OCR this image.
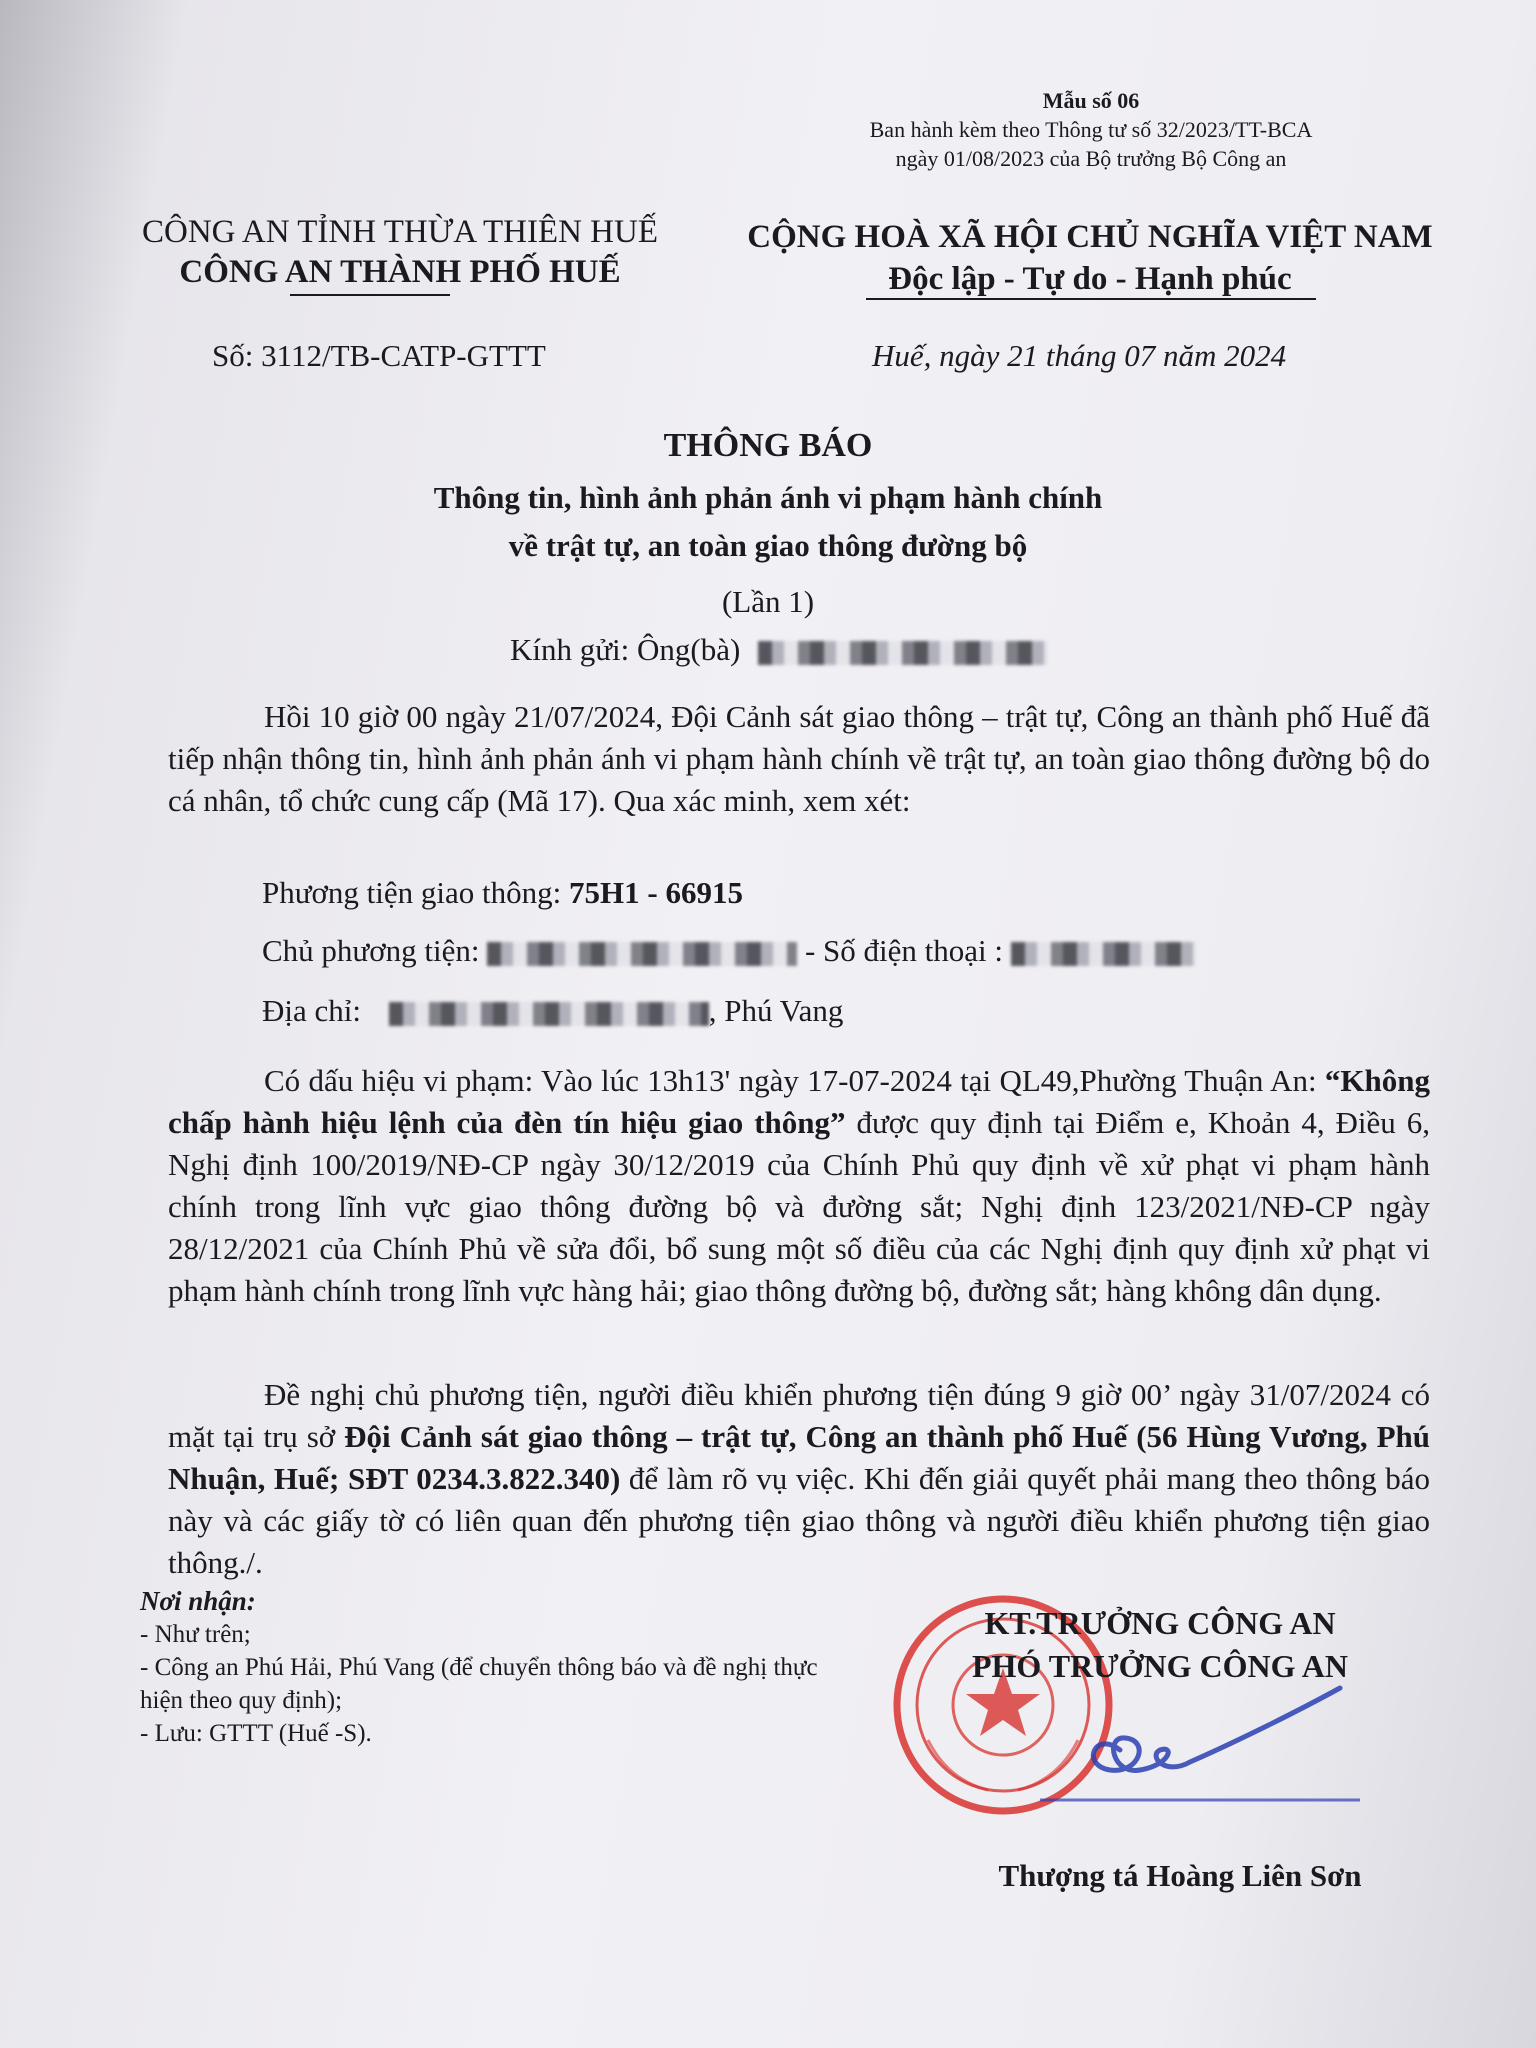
Mẫu số 06
Ban hành kèm theo Thông tư số 32/2023/TT-BCA
ngày 01/08/2023 của Bộ trưởng Bộ Công an
CÔNG AN TỈNH THỪA THIÊN HUẾ
CÔNG AN THÀNH PHỐ HUẾ
Số: 3112/TB-CATP-GTTT
CỘNG HOÀ XÃ HỘI CHỦ NGHĨA VIỆT NAM
Độc lập - Tự do - Hạnh phúc
Huế, ngày 21 tháng 07 năm 2024
THÔNG BÁO
Thông tin, hình ảnh phản ánh vi phạm hành chính
về trật tự, an toàn giao thông đường bộ
(Lần 1)
Kính gửi: Ông(bà)
Hồi 10 giờ 00 ngày 21/07/2024, Đội Cảnh sát giao thông – trật tự, Công an thành phố Huế đã tiếp nhận thông tin, hình ảnh phản ánh vi phạm hành chính về trật tự, an toàn giao thông đường bộ do cá nhân, tổ chức cung cấp (Mã 17). Qua xác minh, xem xét:
Phương tiện giao thông: 75H1 - 66915
Chủ phương tiện:	- Số điện thoại :
Địa chỉ:	, Phú Vang
Có dấu hiệu vi phạm: Vào lúc 13h13' ngày 17-07-2024 tại QL49,Phường Thuận An: “Không chấp hành hiệu lệnh của đèn tín hiệu giao thông” được quy định tại Điểm e, Khoản 4, Điều 6, Nghị định 100/2019/NĐ-CP ngày 30/12/2019 của Chính Phủ quy định về xử phạt vi phạm hành chính trong lĩnh vực giao thông đường bộ và đường sắt; Nghị định 123/2021/NĐ-CP ngày 28/12/2021 của Chính Phủ về sửa đổi, bổ sung một số điều của các Nghị định quy định xử phạt vi phạm hành chính trong lĩnh vực hàng hải; giao thông đường bộ, đường sắt; hàng không dân dụng.
Đề nghị chủ phương tiện, người điều khiển phương tiện đúng 9 giờ 00’ ngày 31/07/2024 có mặt tại trụ sở Đội Cảnh sát giao thông – trật tự, Công an thành phố Huế (56 Hùng Vương, Phú Nhuận, Huế; SĐT 0234.3.822.340) để làm rõ vụ việc. Khi đến giải quyết phải mang theo thông báo này và các giấy tờ có liên quan đến phương tiện giao thông và người điều khiển phương tiện giao thông./.
Nơi nhận:
- Như trên;
- Công an Phú Hải, Phú Vang (để chuyển thông báo và đề nghị thực hiện theo quy định);
- Lưu: GTTT (Huế -S).
KT.TRƯỞNG CÔNG AN
PHÓ TRƯỞNG CÔNG AN
Thượng tá Hoàng Liên Sơn
